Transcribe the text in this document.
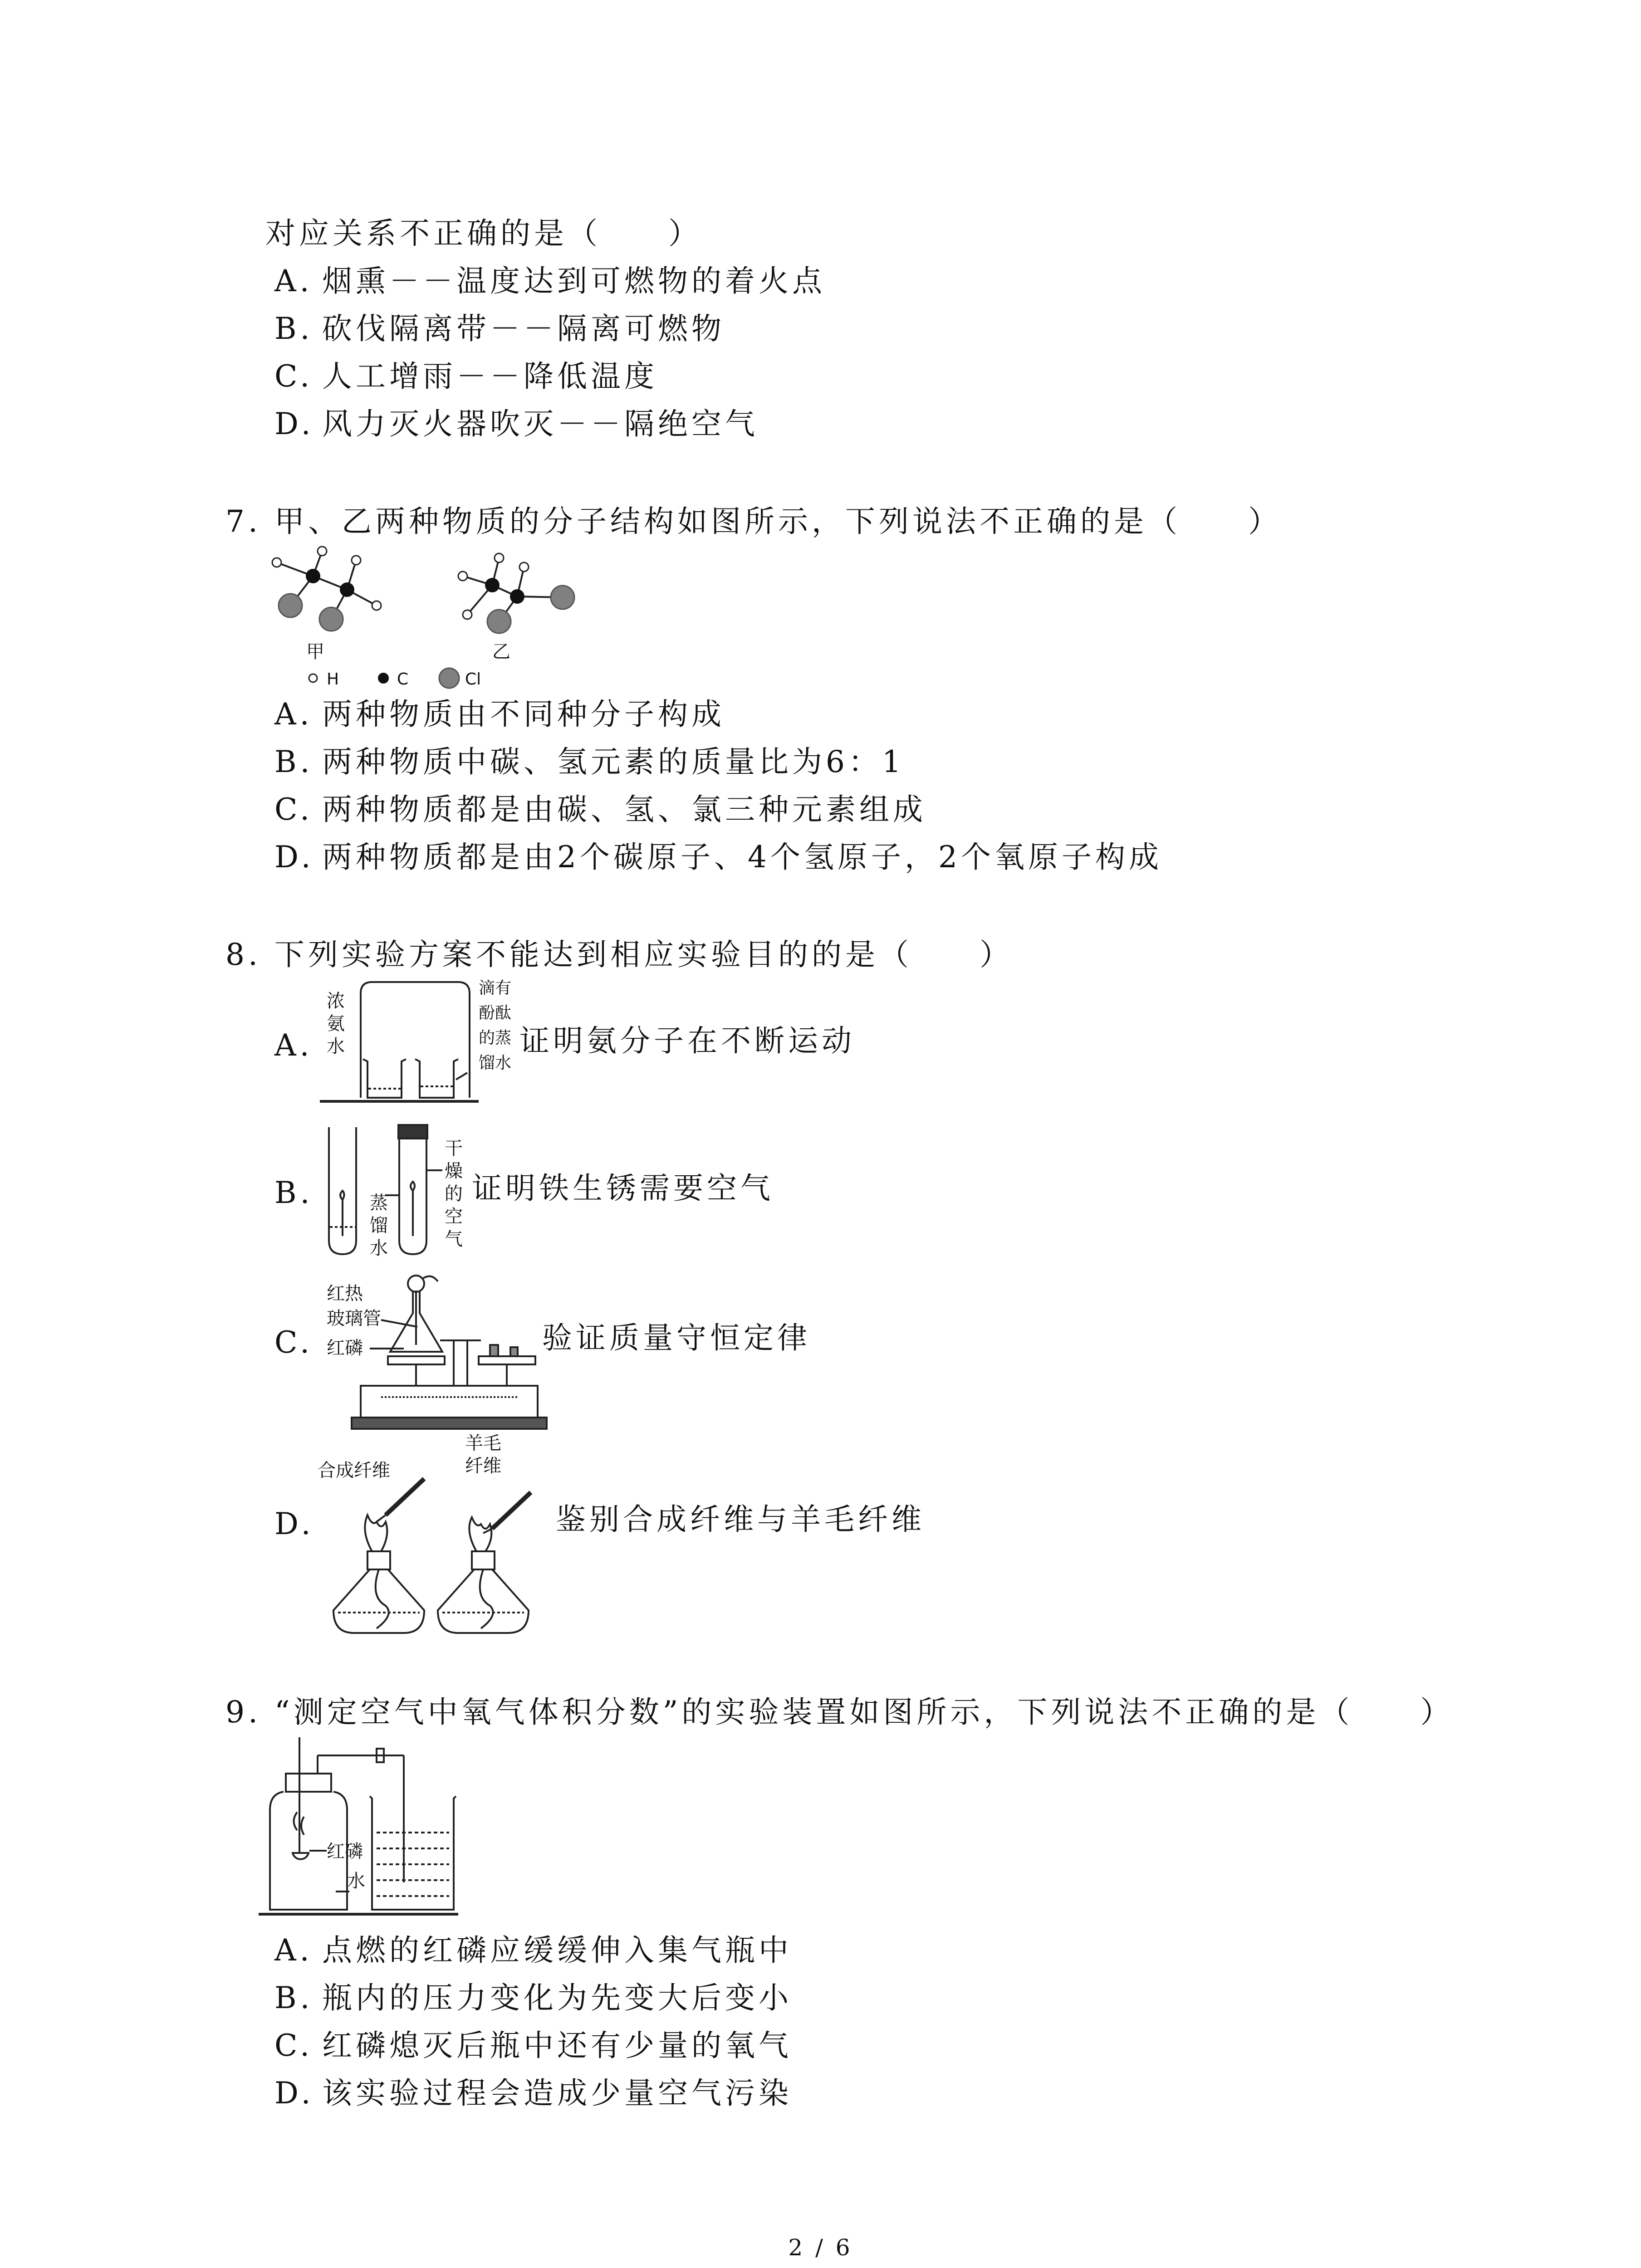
对应关系不正确的是（　　）
A. 烟熏－－温度达到可燃物的着火点
B. 砍伐隔离带－－隔离可燃物
C. 人工增雨－－降低温度
D. 风力灭火器吹灭－－隔绝空气
7. 甲、乙两种物质的分子结构如图所示，下列说法不正确的是（　　）
甲	乙
H	C	Cl
A. 两种物质由不同种分子构成
B. 两种物质中碳、氢元素的质量比为6：1
C. 两种物质都是由碳、氢、氯三种元素组成
D. 两种物质都是由2个碳原子、4个氢原子，2个氧原子构成
8. 下列实验方案不能达到相应实验目的的是（　　）
A.
浓
氨
水
滴有
酚酞
的蒸
馏水
证明氨分子在不断运动
B.	蒸
馏
水
干
燥
的
空
气
证明铁生锈需要空气
C.
红热
玻璃管
红磷	验证质量守恒定律
D.
合成纤维
羊毛
纤维
鉴别合成纤维与羊毛纤维
9. “测定空气中氧气体积分数”的实验装置如图所示，下列说法不正确的是（　　）
红磷
水
A. 点燃的红磷应缓缓伸入集气瓶中
B. 瓶内的压力变化为先变大后变小
C. 红磷熄灭后瓶中还有少量的氧气
D. 该实验过程会造成少量空气污染
2 / 6
